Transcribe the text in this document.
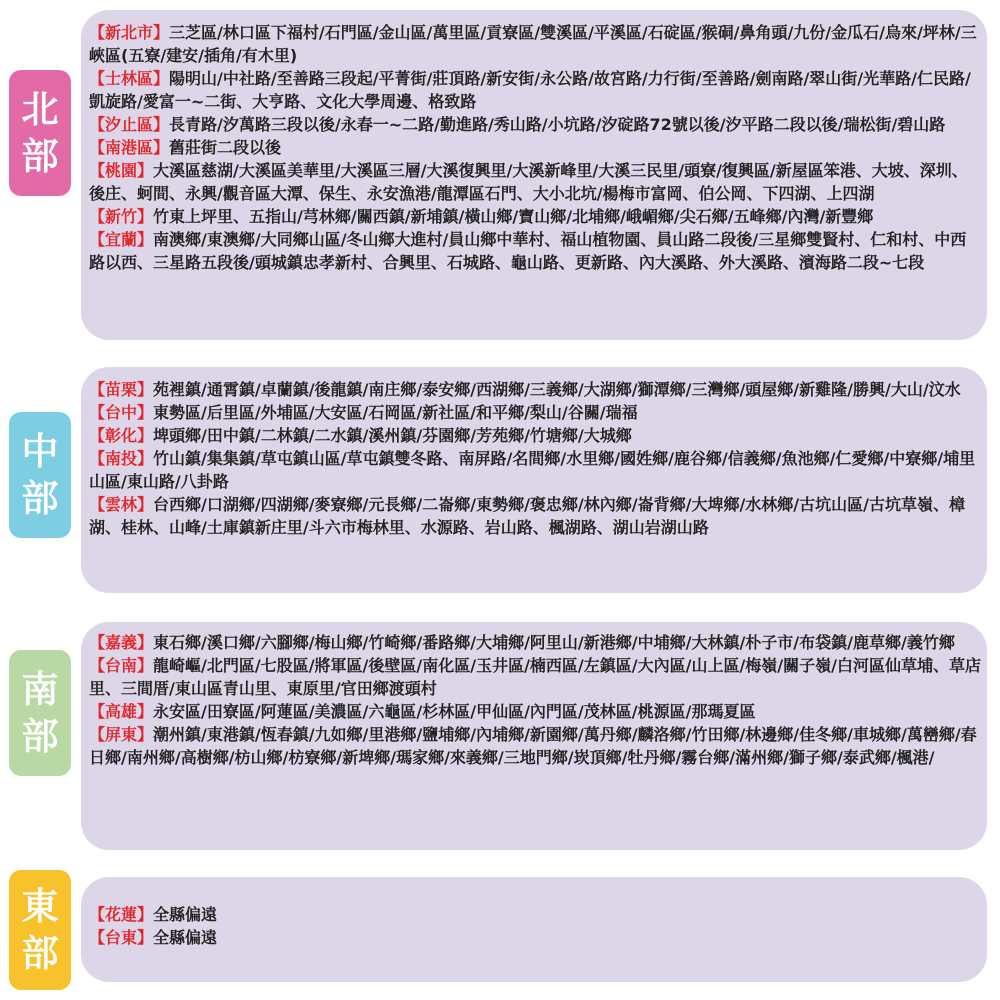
北
部
中
部
南
部
東
部

【新北市】三芝區/林口區下福村/石門區/金山區/萬里區/貢寮區/雙溪區/平溪區/石碇區/猴硐/鼻角頭/九份/金瓜石/烏來/坪林/三峽區(五寮/建安/插角/有木里)

【士林區】陽明山/中社路/至善路三段起/平菁街/莊頂路/新安街/永公路/故宮路/力行街/至善路/劍南路/翠山街/光華路/仁民路/凱旋路/愛富一~二街、大亨路、文化大學周邊、格致路

【汐止區】長青路/汐萬路三段以後/永春一~二路/勤進路/秀山路/小坑路/汐碇路72號以後/汐平路二段以後/瑞松街/碧山路

【南港區】舊莊街二段以後

【桃園】大溪區慈湖/大溪區美華里/大溪區三層/大溪復興里/大溪新峰里/大溪三民里/頭寮/復興區/新屋區笨港、大坡、深圳、後庄、蚵間、永興/觀音區大潭、保生、永安漁港/龍潭區石門、大小北坑/楊梅市富岡、伯公岡、下四湖、上四湖

【新竹】竹東上坪里、五指山/芎林鄉/關西鎮/新埔鎮/橫山鄉/寶山鄉/北埔鄉/峨嵋鄉/尖石鄉/五峰鄉/內灣/新豐鄉

【宜蘭】南澳鄉/東澳鄉/大同鄉山區/冬山鄉大進村/員山鄉中華村、福山植物園、員山路二段後/三星鄉雙賢村、仁和村、中西路以西、三星路五段後/頭城鎮忠孝新村、合興里、石城路、龜山路、更新路、內大溪路、外大溪路、濱海路二段~七段

【苗栗】苑裡鎮/通霄鎮/卓蘭鎮/後龍鎮/南庄鄉/泰安鄉/西湖鄉/三義鄉/大湖鄉/獅潭鄉/三灣鄉/頭屋鄉/新雞隆/勝興/大山/汶水

【台中】東勢區/后里區/外埔區/大安區/石岡區/新社區/和平鄉/梨山/谷關/瑞福

【彰化】埤頭鄉/田中鎮/二林鎮/二水鎮/溪州鎮/芬園鄉/芳苑鄉/竹塘鄉/大城鄉

【南投】竹山鎮/集集鎮/草屯鎮山區/草屯鎮雙冬路、南屏路/名間鄉/水里鄉/國姓鄉/鹿谷鄉/信義鄉/魚池鄉/仁愛鄉/中寮鄉/埔里山區/東山路/八卦路

【雲林】台西鄉/口湖鄉/四湖鄉/麥寮鄉/元長鄉/二崙鄉/東勢鄉/褒忠鄉/林內鄉/崙背鄉/大埤鄉/水林鄉/古坑山區/古坑草嶺、樟湖、桂林、山峰/土庫鎮新庄里/斗六市梅林里、水源路、岩山路、楓湖路、湖山岩湖山路

【嘉義】東石鄉/溪口鄉/六腳鄉/梅山鄉/竹崎鄉/番路鄉/大埔鄉/阿里山/新港鄉/中埔鄉/大林鎮/朴子市/布袋鎮/鹿草鄉/義竹鄉

【台南】龍崎嶇/北門區/七股區/將軍區/後壁區/南化區/玉井區/楠西區/左鎮區/大內區/山上區/梅嶺/關子嶺/白河區仙草埔、草店里、三間厝/東山區青山里、東原里/官田鄉渡頭村

【高雄】永安區/田寮區/阿蓮區/美濃區/六龜區/杉林區/甲仙區/內門區/茂林區/桃源區/那瑪夏區

【屏東】潮州鎮/東港鎮/恆春鎮/九如鄉/里港鄉/鹽埔鄉/內埔鄉/新園鄉/萬丹鄉/麟洛鄉/竹田鄉/林邊鄉/佳冬鄉/車城鄉/萬巒鄉/春日鄉/南州鄉/高樹鄉/枋山鄉/枋寮鄉/新埤鄉/瑪家鄉/來義鄉/三地門鄉/崁頂鄉/牡丹鄉/霧台鄉/滿州鄉/獅子鄉/泰武鄉/楓港/

【花蓮】全縣偏遠

【台東】全縣偏遠
